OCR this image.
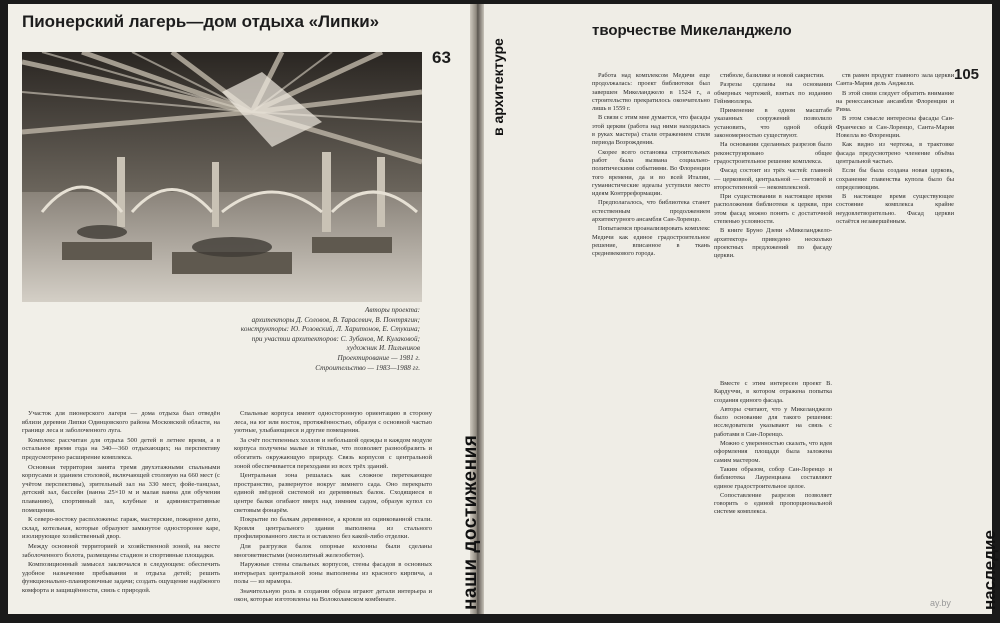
Пионерский лагерь—дом отдыха «Липки»
63
Авторы проекта:
архитекторы Д. Соловов, В. Тарасевич, В. Понтрягин;
конструкторы: Ю. Розовский, Л. Харитонов, Е. Стукина;
при участии архитекторов: С. Зубанов, М. Кулаковой;
художник И. Пильников
Проектирование — 1981 г.
Строительство — 1983—1988 гг.

Участок для пионерского лагеря — дома отдыха был отведён вблизи деревни Липки Одинцовского района Московской области, на границе леса и заболоченного луга.

Комплекс рассчитан для отдыха 500 детей в летнее время, а в остальное время года на 340—360 отдыхающих; на перспективу предусмотрено расширение комплекса.

Основная территория занята тремя двухэтажными спальными корпусами и зданием столовой, включающей столовую на 660 мест (с учётом перспективы), зрительный зал на 330 мест, фойе-танцзал, детский зал, бассейн (ванна 25×10 м и малая ванна для обучения плаванию), спортивный зал, клубные и административные помещения.

К северо-востоку расположены: гараж, мастерские, пожарное депо, склад, котельная, которые образуют замкнутое односторонее каре, изолирующее хозяйственный двор.

Между основной территорией и хозяйственной зоной, на месте заболоченного болота, размещены стадион и спортивные площадки.

Композиционный замысел заключался в следующем: обеспечить удобное назначение пребывания и отдыха детей; решить функционально-планировочные задачи; создать ощущение надёжного комфорта и защищённости, связь с природой.

Спальные корпуса имеют односторонную ориентацию в сторону леса, на юг или восток, протяжённостью, образуя с основной частью уютные, улыбающиеся и другие помещения.

За счёт постепенных холлов и небольшой одежды в каждом модуле корпуса получены малые и тёплые, что позволяет разнообразить и обогатить окружающую природу. Связь корпусов с центральной зоной обеспечивается переходами из всех трёх зданий.

Центральная зона решалась как сложное перетекающее пространство, развернутое вокруг зимнего сада. Оно перекрыто единой звёздной системой из деревянных балок. Сходящиеся в центре балки огибают вверх над зимним садом, образуя купол со световым фонарём.

Покрытие по балкам деревянное, а кровля из оцинкованной стали. Кровля центрального здания выполнена из стального профилированного листа и оставлено без какой-либо отделки.

Для разгрузки балок опорные колонны были сделаны многоветвистыми (монолитный железобетон).

Наружные стены спальных корпусов, стены фасадов в основных интерьерах центральной зоны выполнены из красного кирпича, а полы — из мрамора.

Значительную роль в создании образа играют детали интерьера и окон, которые изготовлены на Волоколамском комбинате.	наши достижения
в архитектуре
творчестве Микеланджело
105

Работа над комплексом Медичи еще продолжалась: проект библиотеки был завершен Микеланджело в 1524 г., а строительство прекратилось окончательно лишь в 1559 г.

В связи с этим мне думается, что фасады этой церкви (работа над ними находилась в руках мастера) стали отражением стиля периода Возрождения.

Скорее всего остановка строительных работ была вызвана социально-политическими событиями. Во Флоренции того времени, да и во всей Италии, гуманистические идеалы уступили место идеям Контрреформации.

Предполагалось, что библиотека станет естественным продолжением архитектурного ансамбля Сан-Лоренцо.

Попытаемся проанализировать комплекс Медичи как единое градостроительное решение, вписанное в ткань средневекового города.

стибюле, базилике и новой сакристии.

Разрезы сделаны на основании обмерных чертежей, взятых по изданию Гейнмюллера.

Применение в одном масштабе указанных сооружений позволило установить, что одной общей закономерностью существуют.

На основании сделанных разрезов было реконструировано общее градостроительное решение комплекса.

Фасад состоит из трёх частей: главной — церковной, центральной — световой и второстепенной — некомплексной.

При существовании в настоящее время расположения библиотеки к церкви, при этом фасад можно понять с достаточной степенью условности.

В книге Бруно Дзеви «Микеланджело-архитектор» приведено несколько проектных предложений по фасаду церкви.

Вместе с этим интересен проект В. Кардуччи, в котором отражена попытка создания единого фасада.

Авторы считают, что у Микеланджело было основание для такого решения: исследователи указывают на связь с работами в Сан-Лоренцо.

Можно с уверенностью сказать, что идея оформления площади была заложена самим мастером.

Таким образом, собор Сан-Лоренцо и библиотека Лауренциана составляют единое градостроительное целое.

Сопоставление разрезов позволяет говорить о единой пропорциональной системе комплекса.

ств рамен продукт главного зала церкви Санта-Мария дель Анджели.

В этой связи следует обратить внимание на ренессансные ансамбли Флоренции и Рима.

В этом смысле интересны фасады Сан-Франческо и Сан-Лоренцо, Санта-Мария Новелла во Флоренции.

Как видно из чертежа, в трактовке фасада предусмотрено членение объёма центральной частью.

Если бы была создана новая церковь, сохранение главенства купола было бы определяющим.

В настоящее время существующее состояние комплекса крайне неудовлетворительно. Фасад церкви остаётся незавершённым.

наследие
ay.by
